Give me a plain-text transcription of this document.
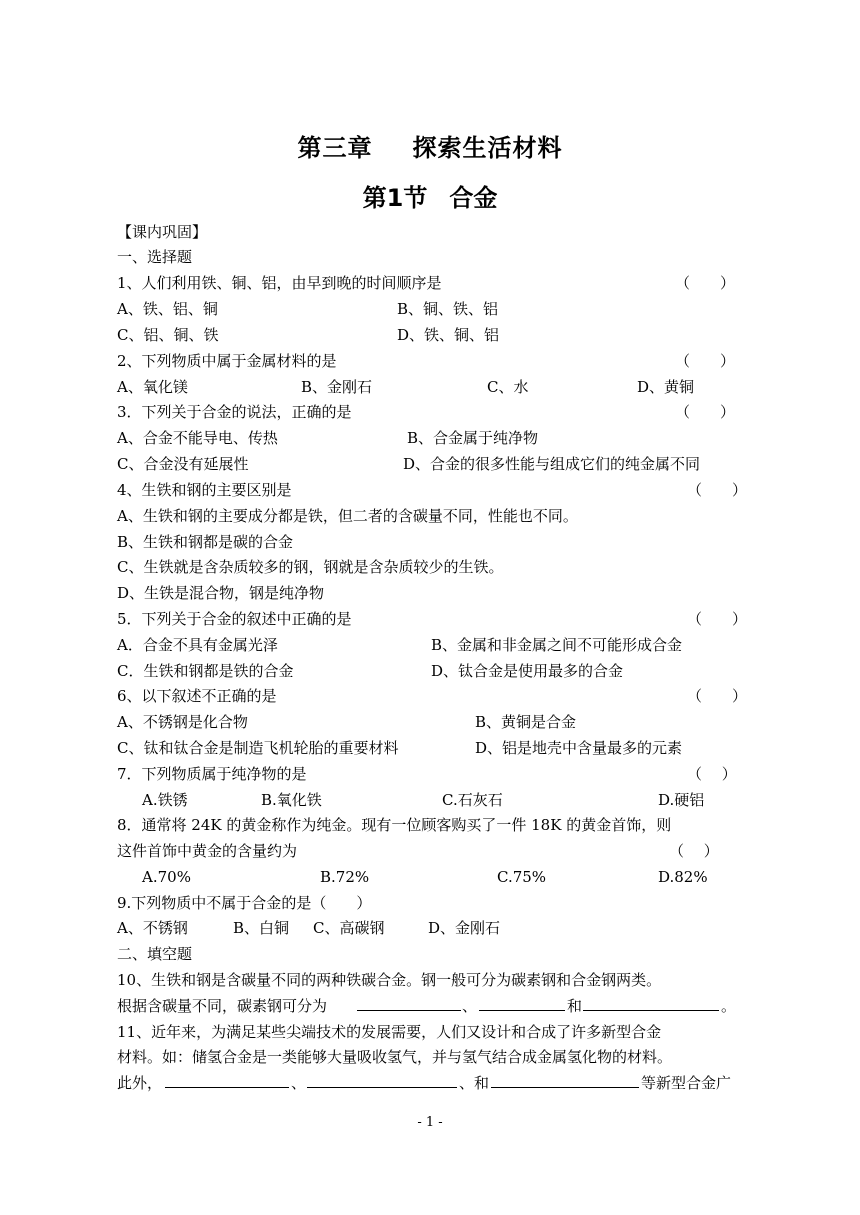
第三章 探索生活材料
第1节 合金
【课内巩固】
一、选择题
1、人们利用铁、铜、铝，由早到晚的时间顺序是	（　　）
A、铁、铝、铜	B、铜、铁、铝
C、铝、铜、铁	D、铁、铜、铝
2、下列物质中属于金属材料的是	（　　）
A、氧化镁	B、金刚石	C、水	D、黄铜
3．下列关于合金的说法，正确的是	（　　）
A、合金不能导电、传热	B、合金属于纯净物
C、合金没有延展性	D、合金的很多性能与组成它们的纯金属不同
4、生铁和钢的主要区别是	（　　）
A、生铁和钢的主要成分都是铁，但二者的含碳量不同，性能也不同。
B、生铁和钢都是碳的合金
C、生铁就是含杂质较多的钢，钢就是含杂质较少的生铁。
D、生铁是混合物，钢是纯净物
5．下列关于合金的叙述中正确的是	（　　）
A．合金不具有金属光泽	B、金属和非金属之间不可能形成合金
C．生铁和钢都是铁的合金	D、钛合金是使用最多的合金
6、以下叙述不正确的是	（　　）
A、不锈钢是化合物	B、黄铜是合金
C、钛和钛合金是制造飞机轮胎的重要材料	D、铝是地壳中含量最多的元素
7．下列物质属于纯净物的是	（　 ）
A.铁锈	B.氧化铁	C.石灰石	D.硬铝
8．通常将 24K 的黄金称作为纯金。现有一位顾客购买了一件 18K 的黄金首饰，则
这件首饰中黄金的含量约为	（　 ）
A.70%	B.72%	C.75%	D.82%
9.下列物质中不属于合金的是（　　）
A、不锈钢	B、白铜 C、高碳钢	D、金刚石
二、填空题
10、生铁和钢是含碳量不同的两种铁碳合金。钢一般可分为碳素钢和合金钢两类。
根据含碳量不同，碳素钢可分为	、	和	。
11、近年来，为满足某些尖端技术的发展需要，人们又设计和合成了许多新型合金
材料。如：储氢合金是一类能够大量吸收氢气，并与氢气结合成金属氢化物的材料。
此外，	、	、和	等新型合金广
- 1 -
